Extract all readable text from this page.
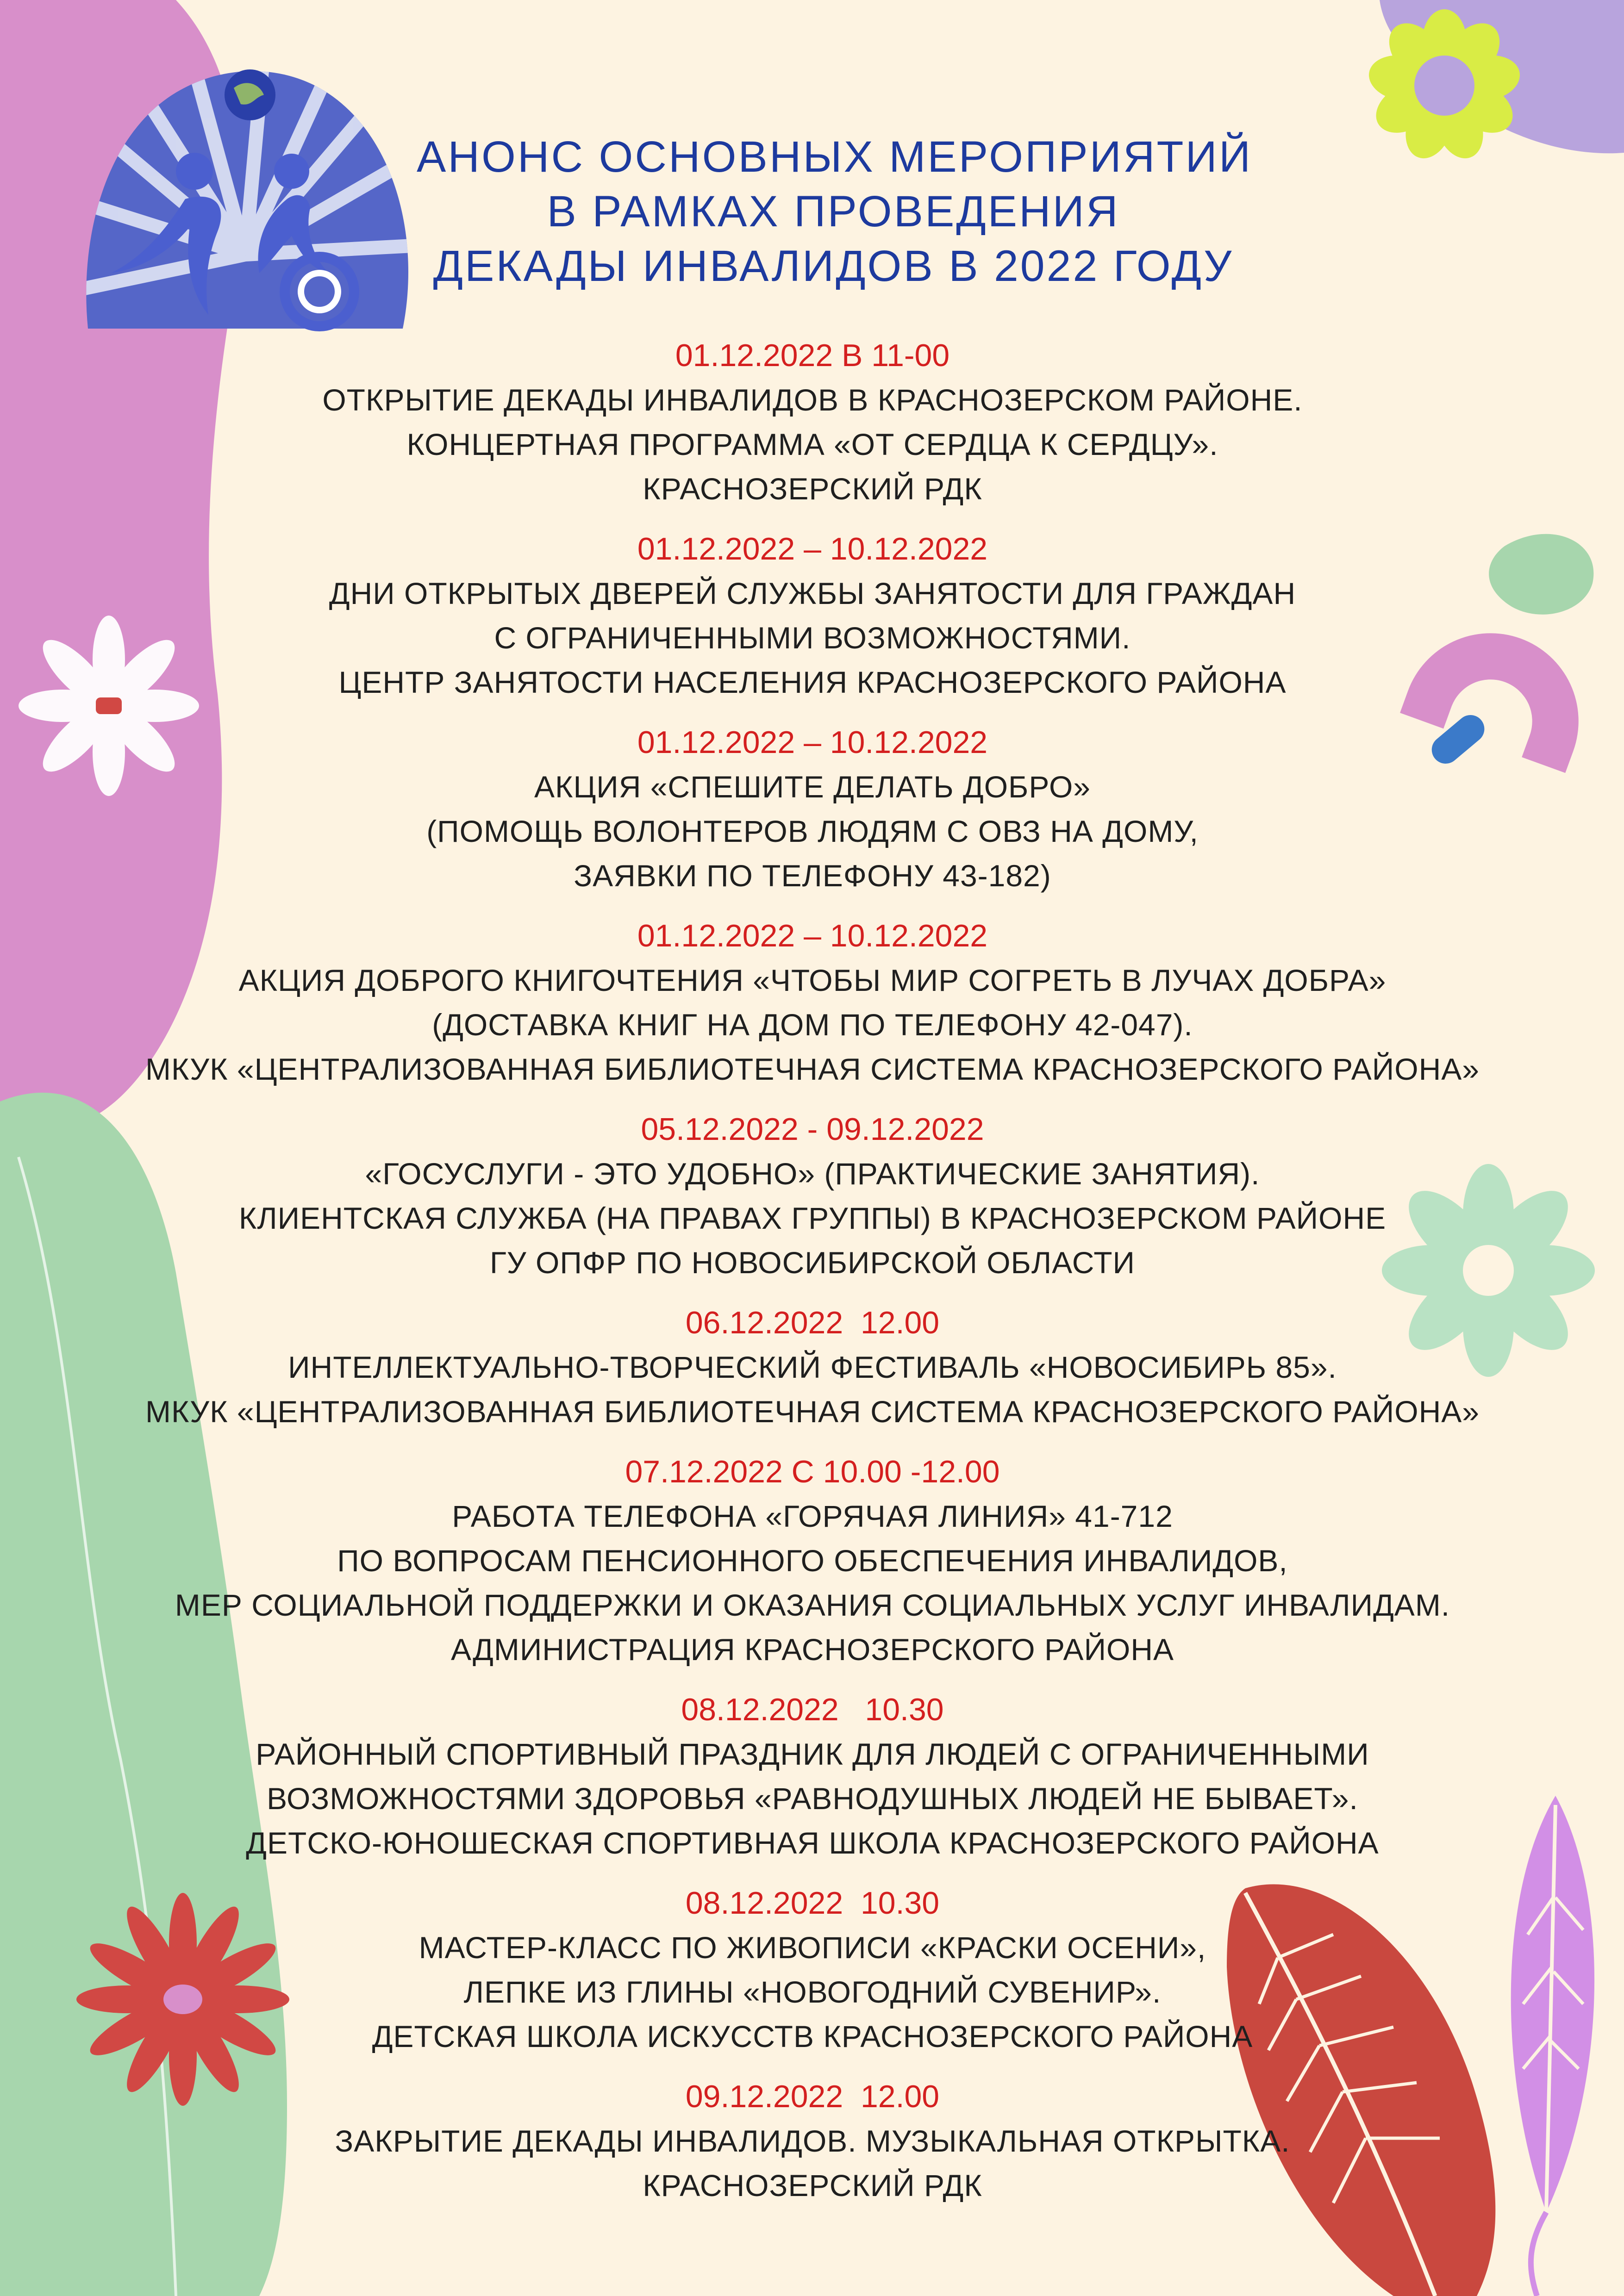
АНОНС ОСНОВНЫХ МЕРОПРИЯТИЙ
В РАМКАХ ПРОВЕДЕНИЯ
ДЕКАДЫ ИНВАЛИДОВ В 2022 ГОДУ
01.12.2022 В 11-00
ОТКРЫТИЕ ДЕКАДЫ ИНВАЛИДОВ В КРАСНОЗЕРСКОМ РАЙОНЕ.
КОНЦЕРТНАЯ ПРОГРАММА «ОТ СЕРДЦА К СЕРДЦУ».
КРАСНОЗЕРСКИЙ РДК
01.12.2022 – 10.12.2022
ДНИ ОТКРЫТЫХ ДВЕРЕЙ СЛУЖБЫ ЗАНЯТОСТИ ДЛЯ ГРАЖДАН
С ОГРАНИЧЕННЫМИ ВОЗМОЖНОСТЯМИ.
ЦЕНТР ЗАНЯТОСТИ НАСЕЛЕНИЯ КРАСНОЗЕРСКОГО РАЙОНА
01.12.2022 – 10.12.2022
АКЦИЯ «СПЕШИТЕ ДЕЛАТЬ ДОБРО»
(ПОМОЩЬ ВОЛОНТЕРОВ ЛЮДЯМ С ОВЗ НА ДОМУ,
ЗАЯВКИ ПО ТЕЛЕФОНУ 43-182)
01.12.2022 – 10.12.2022
АКЦИЯ ДОБРОГО КНИГОЧТЕНИЯ «ЧТОБЫ МИР СОГРЕТЬ В ЛУЧАХ ДОБРА»
(ДОСТАВКА КНИГ НА ДОМ ПО ТЕЛЕФОНУ 42-047).
МКУК «ЦЕНТРАЛИЗОВАННАЯ БИБЛИОТЕЧНАЯ СИСТЕМА КРАСНОЗЕРСКОГО РАЙОНА»
05.12.2022 - 09.12.2022
«ГОСУСЛУГИ - ЭТО УДОБНО» (ПРАКТИЧЕСКИЕ ЗАНЯТИЯ).
КЛИЕНТСКАЯ СЛУЖБА (НА ПРАВАХ ГРУППЫ) В КРАСНОЗЕРСКОМ РАЙОНЕ
ГУ ОПФР ПО НОВОСИБИРСКОЙ ОБЛАСТИ
06.12.2022  12.00
ИНТЕЛЛЕКТУАЛЬНО-ТВОРЧЕСКИЙ ФЕСТИВАЛЬ «НОВОСИБИРЬ 85».
МКУК «ЦЕНТРАЛИЗОВАННАЯ БИБЛИОТЕЧНАЯ СИСТЕМА КРАСНОЗЕРСКОГО РАЙОНА»
07.12.2022 С 10.00 -12.00
РАБОТА ТЕЛЕФОНА «ГОРЯЧАЯ ЛИНИЯ» 41-712
ПО ВОПРОСАМ ПЕНСИОННОГО ОБЕСПЕЧЕНИЯ ИНВАЛИДОВ,
МЕР СОЦИАЛЬНОЙ ПОДДЕРЖКИ И ОКАЗАНИЯ СОЦИАЛЬНЫХ УСЛУГ ИНВАЛИДАМ.
АДМИНИСТРАЦИЯ КРАСНОЗЕРСКОГО РАЙОНА
08.12.2022   10.30
РАЙОННЫЙ СПОРТИВНЫЙ ПРАЗДНИК ДЛЯ ЛЮДЕЙ С ОГРАНИЧЕННЫМИ
ВОЗМОЖНОСТЯМИ ЗДОРОВЬЯ «РАВНОДУШНЫХ ЛЮДЕЙ НЕ БЫВАЕТ».
ДЕТСКО-ЮНОШЕСКАЯ СПОРТИВНАЯ ШКОЛА КРАСНОЗЕРСКОГО РАЙОНА
08.12.2022  10.30
МАСТЕР-КЛАСС ПО ЖИВОПИСИ «КРАСКИ ОСЕНИ»,
ЛЕПКЕ ИЗ ГЛИНЫ «НОВОГОДНИЙ СУВЕНИР».
ДЕТСКАЯ ШКОЛА ИСКУССТВ КРАСНОЗЕРСКОГО РАЙОНА
09.12.2022  12.00
ЗАКРЫТИЕ ДЕКАДЫ ИНВАЛИДОВ. МУЗЫКАЛЬНАЯ ОТКРЫТКА.
КРАСНОЗЕРСКИЙ РДК
